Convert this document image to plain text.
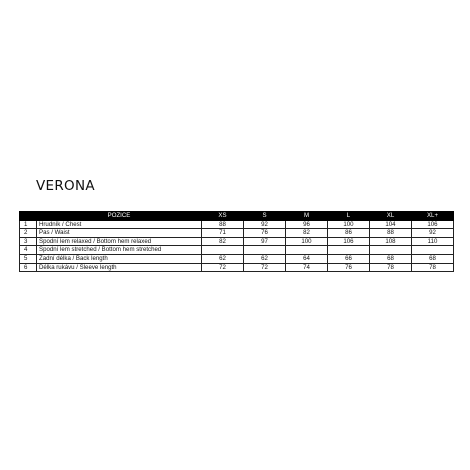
VERONA
	POZICE	XS	S	M	L	XL	XL+
1	Hrudník / Chest	88	92	96	100	104	106
2	Pas / Waist	71	76	82	86	88	92
3	Spodní lem relaxed / Bottom hem relaxed	82	97	100	106	108	110
4	Spodní lem stretched / Bottom hem stretched						
5	Zadní délka / Back length	62	62	64	66	68	68
6	Délka rukávu / Sleeve length	72	72	74	76	78	78
